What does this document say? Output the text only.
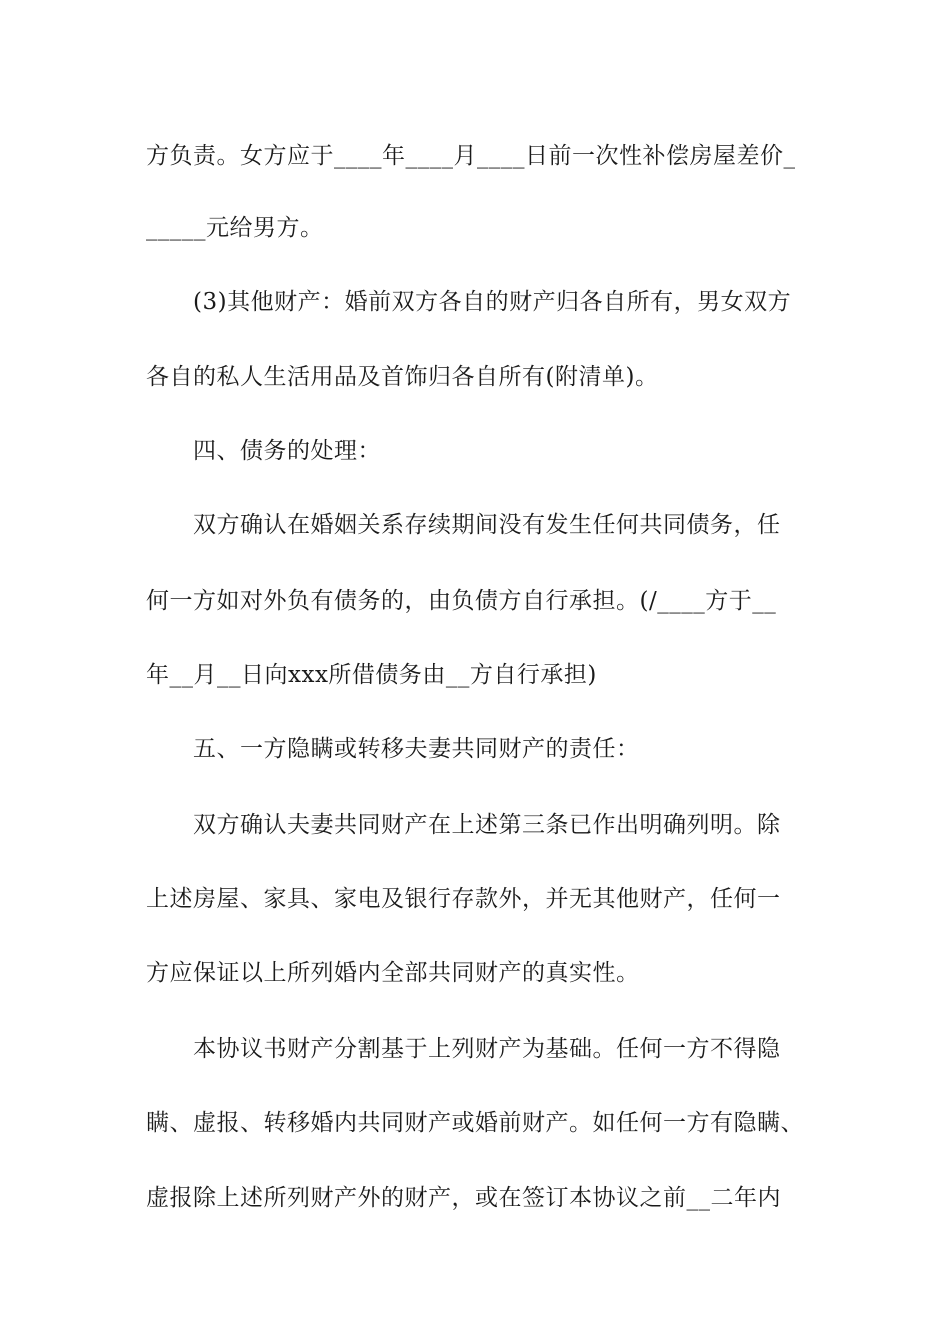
方负责。女方应于____年____月____日前一次性补偿房屋差价_
_____元给男方。
(3)其他财产：婚前双方各自的财产归各自所有，男女双方
各自的私人生活用品及首饰归各自所有(附清单)。
四、债务的处理：
双方确认在婚姻关系存续期间没有发生任何共同债务，任
何一方如对外负有债务的，由负债方自行承担。(/____方于__
年__月__日向xxx所借债务由__方自行承担)
五、一方隐瞒或转移夫妻共同财产的责任：
双方确认夫妻共同财产在上述第三条已作出明确列明。除
上述房屋、家具、家电及银行存款外，并无其他财产，任何一
方应保证以上所列婚内全部共同财产的真实性。
本协议书财产分割基于上列财产为基础。任何一方不得隐
瞒、虚报、转移婚内共同财产或婚前财产。如任何一方有隐瞒、
虚报除上述所列财产外的财产，或在签订本协议之前__二年内
